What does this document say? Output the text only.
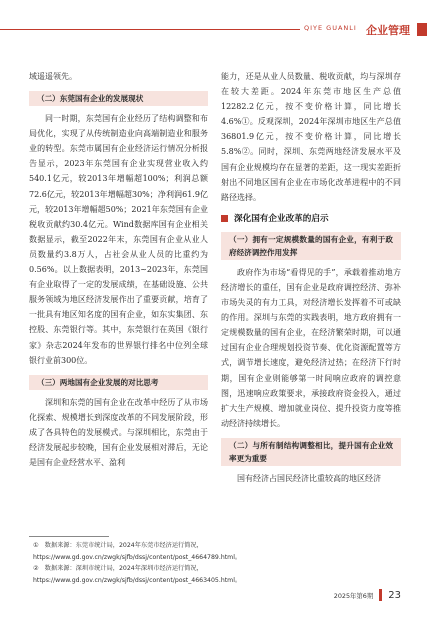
QIYE GUANLI 企业管理

域遥遥领先。

（二）东莞国有企业的发展现状

同一时期，东莞国有企业经历了结构调整和布局优化，实现了从传统制造业向高端制造业和服务业的转型。东莞市属国有企业经济运行情况分析报告显示，2023年东莞国有企业实现营业收入约540.1亿元，较2013年增幅超100%；利润总额72.6亿元，较2013年增幅超30%；净利润61.9亿元，较2013年增幅超50%；2021年东莞国有企业税收贡献约30.4亿元。Wind数据库国有企业相关数据显示，截至2022年末，东莞国有企业从业人员数量约3.8万人，占社会从业人员的比重约为0.56%。以上数据表明，2013~2023年，东莞国有企业取得了一定的发展成绩，在基础设施、公共服务领域为地区经济发展作出了重要贡献，培育了一批具有地区知名度的国有企业，如东实集团、东控股、东莞银行等。其中，东莞银行在英国《银行家》杂志2024年发布的世界银行排名中位列全球银行业前300位。

（三）两地国有企业发展的对比思考

深圳和东莞的国有企业在改革中经历了从市场化探索、规模增长到深度改革的不同发展阶段，形成了各具特色的发展模式。与深圳相比，东莞由于经济发展起步较晚，国有企业发展相对滞后，无论是国有企业经营水平、盈利

能力，还是从业人员数量、税收贡献，均与深圳存在较大差距。2024年东莞市地区生产总值12282.2亿元，按不变价格计算，同比增长4.6%①。反观深圳，2024年深圳市地区生产总值36801.9亿元，按不变价格计算，同比增长5.8%②。同时，深圳、东莞两地经济发展水平及国有企业规模均存在显著的差距，这一现实差距折射出不同地区国有企业在市场化改革进程中的不同路径选择。

深化国有企业改革的启示
（一）拥有一定规模数量的国有企业，有利于政府经济调控作用发挥

政府作为市场“看得见的手”，承载着推动地方经济增长的重任，国有企业是政府调控经济、弥补市场失灵的有力工具，对经济增长发挥着不可或缺的作用。深圳与东莞的实践表明，地方政府拥有一定规模数量的国有企业，在经济繁荣时期，可以通过国有企业合理规划投资节奏、优化资源配置等方式，调节增长速度，避免经济过热；在经济下行时期，国有企业则能够第一时间响应政府的调控意图，迅速响应政策要求，承接政府资金投入，通过扩大生产规模、增加就业岗位、提升投资力度等推动经济持续增长。

（二）与所有制结构调整相比，提升国有企业效率更为重要

国有经济占国民经济比重较高的地区经济

①　数据来源：东莞市统计局，2024年东莞市经济运行简况，https://www.gd.gov.cn/zwgk/sjfb/dssj/content/post_4664789.html。
②　数据来源：深圳市统计局，2024年深圳市经济运行简况，https://www.gd.gov.cn/zwgk/sjfb/dssj/content/post_4663405.html。
2025年第6期 23
